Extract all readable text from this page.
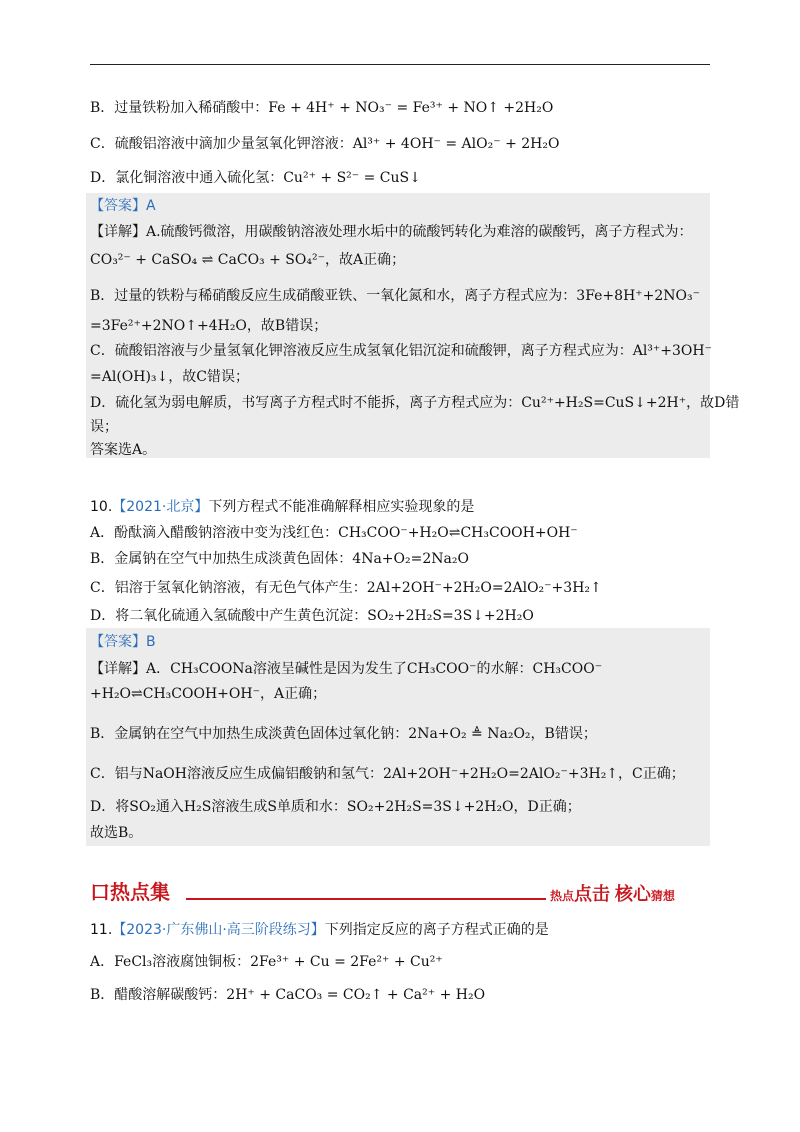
B．过量铁粉加入稀硝酸中：Fe + 4H⁺ + NO₃⁻ = Fe³⁺ + NO↑ +2H₂O
C．硫酸铝溶液中滴加少量氢氧化钾溶液：Al³⁺ + 4OH⁻ = AlO₂⁻ + 2H₂O
D．氯化铜溶液中通入硫化氢：Cu²⁺ + S²⁻ = CuS↓
【答案】A
【详解】A.硫酸钙微溶，用碳酸钠溶液处理水垢中的硫酸钙转化为难溶的碳酸钙，离子方程式为：
CO₃²⁻ + CaSO₄ ⇌ CaCO₃ + SO₄²⁻，故A正确；
B．过量的铁粉与稀硝酸反应生成硝酸亚铁、一氧化氮和水，离子方程式应为：3Fe+8H⁺+2NO₃⁻
=3Fe²⁺+2NO↑+4H₂O，故B错误；
C．硫酸铝溶液与少量氢氧化钾溶液反应生成氢氧化铝沉淀和硫酸钾，离子方程式应为：Al³⁺+3OH⁻
=Al(OH)₃↓，故C错误；
D．硫化氢为弱电解质，书写离子方程式时不能拆，离子方程式应为：Cu²⁺+H₂S=CuS↓+2H⁺，故D错
误；
答案选A。
10.【2021·北京】下列方程式不能准确解释相应实验现象的是
A．酚酞滴入醋酸钠溶液中变为浅红色：CH₃COO⁻+H₂O⇌CH₃COOH+OH⁻
B．金属钠在空气中加热生成淡黄色固体：4Na+O₂=2Na₂O
C．铝溶于氢氧化钠溶液，有无色气体产生：2Al+2OH⁻+2H₂O=2AlO₂⁻+3H₂↑
D．将二氧化硫通入氢硫酸中产生黄色沉淀：SO₂+2H₂S=3S↓+2H₂O
【答案】B
【详解】A．CH₃COONa溶液呈碱性是因为发生了CH₃COO⁻的水解：CH₃COO⁻
+H₂O⇌CH₃COOH+OH⁻，A正确；
B．金属钠在空气中加热生成淡黄色固体过氧化钠：2Na+O₂ ≜ Na₂O₂，B错误；
C．铝与NaOH溶液反应生成偏铝酸钠和氢气：2Al+2OH⁻+2H₂O=2AlO₂⁻+3H₂↑，C正确；
D．将SO₂通入H₂S溶液生成S单质和水：SO₂+2H₂S=3S↓+2H₂O，D正确；
故选B。
口热点集	热点点击 核心猜想
11.【2023·广东佛山·高三阶段练习】下列指定反应的离子方程式正确的是
A．FeCl₃溶液腐蚀铜板：2Fe³⁺ + Cu = 2Fe²⁺ + Cu²⁺
B．醋酸溶解碳酸钙：2H⁺ + CaCO₃ = CO₂↑ + Ca²⁺ + H₂O
